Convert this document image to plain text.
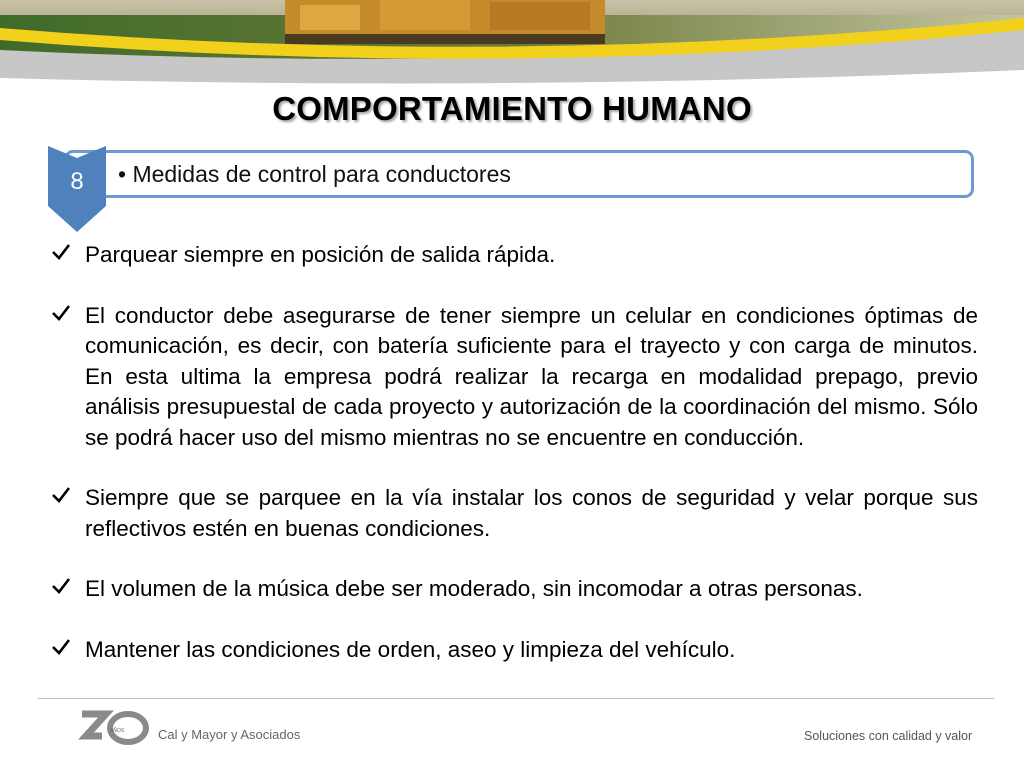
COMPORTAMIENTO HUMANO
8	• Medidas de control para conductores
Parquear siempre en posición de salida rápida.
El conductor debe asegurarse de tener siempre un celular en condiciones óptimas de comunicación, es decir, con batería suficiente para el trayecto y con carga de minutos. En esta ultima la empresa podrá realizar la recarga en modalidad prepago, previo análisis presupuestal de cada proyecto y autorización de la coordinación del mismo. Sólo se podrá hacer uso del mismo mientras no se encuentre en conducción.
Siempre que se parquee en la vía instalar los conos de seguridad y velar porque sus reflectivos estén en buenas condiciones.
El volumen de la música debe ser moderado, sin incomodar a otras personas.
Mantener las condiciones de orden, aseo y limpieza del vehículo.
AÑOS	Cal y Mayor y Asociados	Soluciones con calidad y valor
